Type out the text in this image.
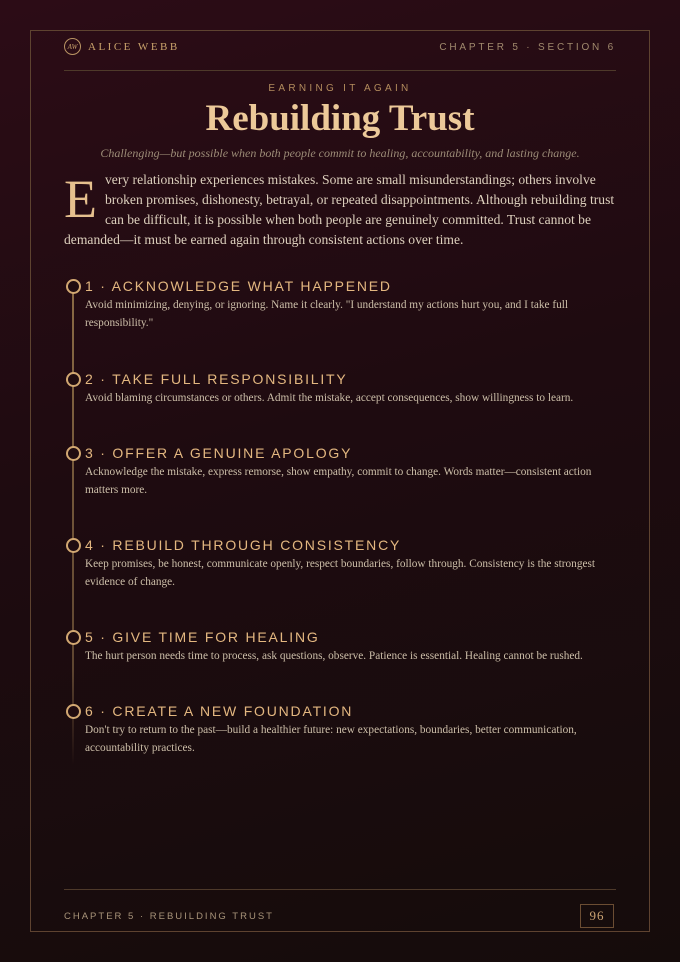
AW ALICE WEBB	CHAPTER 5 · SECTION 6
EARNING IT AGAIN
Rebuilding Trust
Challenging—but possible when both people commit to healing, accountability, and lasting change.
Every relationship experiences mistakes. Some are small misunderstandings; others involve broken promises, dishonesty, betrayal, or repeated disappointments. Although rebuilding trust can be difficult, it is possible when both people are genuinely committed. Trust cannot be demanded—it must be earned again through consistent actions over time.
1 · ACKNOWLEDGE WHAT HAPPENED
Avoid minimizing, denying, or ignoring. Name it clearly. "I understand my actions hurt you, and I take full responsibility."
2 · TAKE FULL RESPONSIBILITY
Avoid blaming circumstances or others. Admit the mistake, accept consequences, show willingness to learn.
3 · OFFER A GENUINE APOLOGY
Acknowledge the mistake, express remorse, show empathy, commit to change. Words matter—consistent action matters more.
4 · REBUILD THROUGH CONSISTENCY
Keep promises, be honest, communicate openly, respect boundaries, follow through. Consistency is the strongest evidence of change.
5 · GIVE TIME FOR HEALING
The hurt person needs time to process, ask questions, observe. Patience is essential. Healing cannot be rushed.
6 · CREATE A NEW FOUNDATION
Don't try to return to the past—build a healthier future: new expectations, boundaries, better communication, accountability practices.
CHAPTER 5 · REBUILDING TRUST	96
